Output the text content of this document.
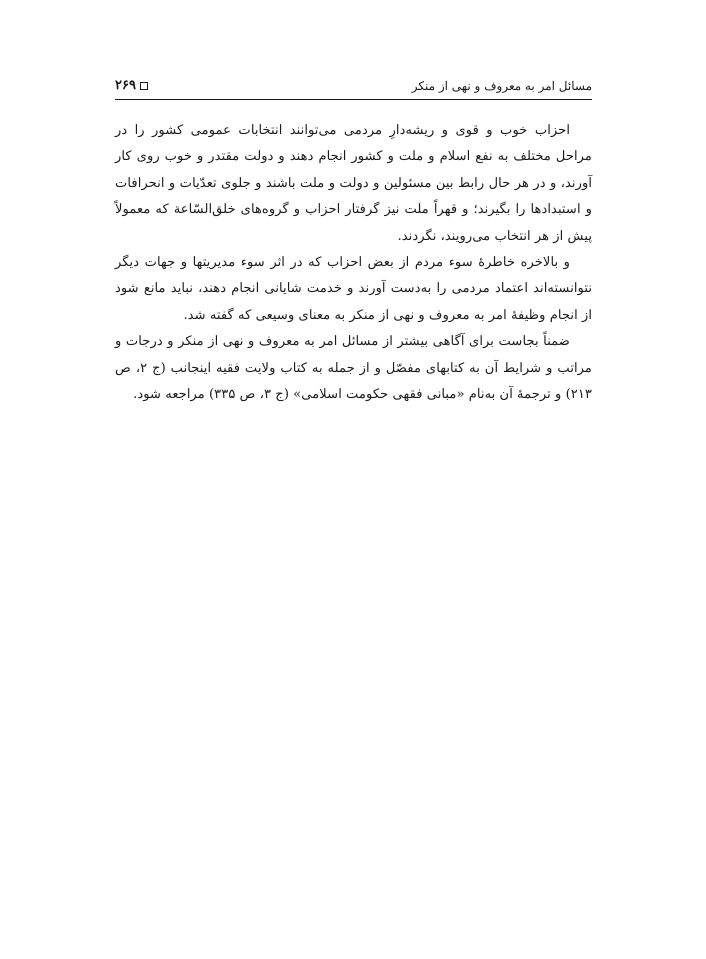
مسائل امر به معروف و نهی از منکر
۲۶۹

احزاب خوب و قوی و ریشه‌دارِ مردمی می‌توانند انتخابات عمومی کشور را در مراحل مختلف به نفع اسلام و ملت و کشور انجام دهند و دولت مقتدر و خوب روی کار آورند، و در هر حال رابط بین مسئولین و دولت و ملت باشند و جلوی تعدّیات و انحرافات و استبدادها را بگیرند؛ و قهراً ملت نیز گرفتار احزاب و گروه‌های خلق‌السّاعة که معمولاً پیش از هر انتخاب می‌رویند، نگردند.

و بالاخره خاطرهٔ سوء مردم از بعض احزاب که در اثر سوء مدیریتها و جهات دیگر نتوانسته‌اند اعتماد مردمی را به‌دست آورند و خدمت شایانی انجام دهند، نباید مانع شود از انجام وظیفهٔ امر به معروف و نهی از منکر به معنای وسیعی که گفته شد.

ضمناً بجاست برای آگاهی بیشتر از مسائل امر به معروف و نهی از منکر و درجات و مراتب و شرایط آن به کتابهای مفصّل و از جمله به کتاب ولایت فقیه اینجانب (ج ۲، ص ۲۱۳) و ترجمهٔ آن به‌نام «مبانی فقهی حکومت اسلامی» (ج ۳، ص ۳۳۵) مراجعه شود.
